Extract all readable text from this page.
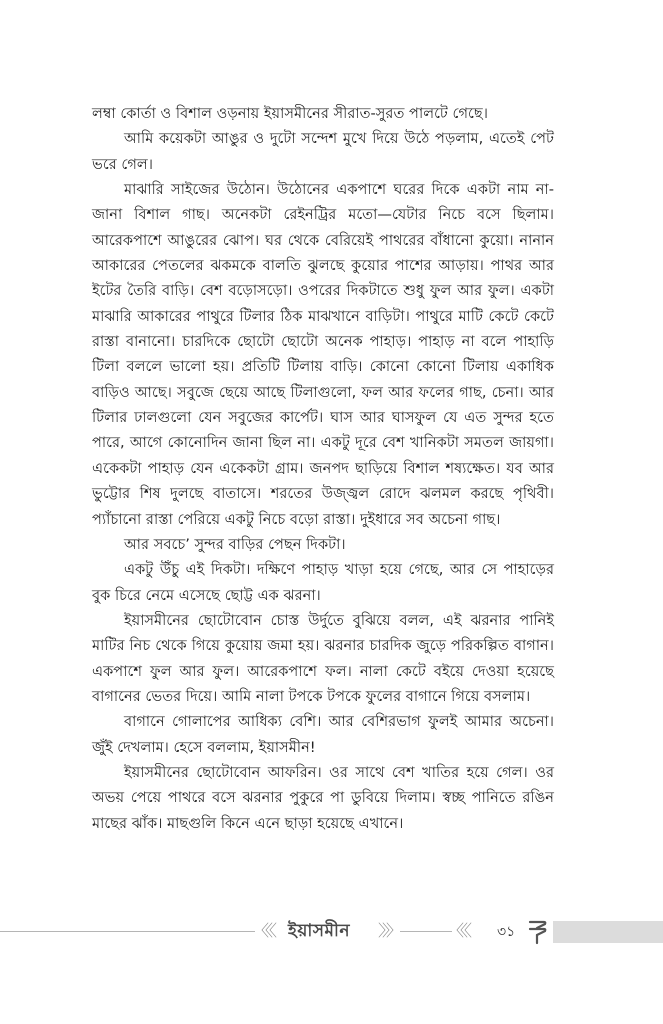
লম্বা কোর্তা ও বিশাল ওড়নায় ইয়াসমীনের সীরাত-সুরত পালটে গেছে।

আমি কয়েকটা আঙুর ও দুটো সন্দেশ মুখে দিয়ে উঠে পড়লাম, এতেই পেট ভরে গেল।

মাঝারি সাইজের উঠোন। উঠোনের একপাশে ঘরের দিকে একটা নাম না-জানা বিশাল গাছ। অনেকটা রেইনট্রির মতো—যেটার নিচে বসে ছিলাম। আরেকপাশে আঙুরের ঝোপ। ঘর থেকে বেরিয়েই পাথরের বাঁধানো কুয়ো। নানান আকারের পেতলের ঝকমকে বালতি ঝুলছে কুয়োর পাশের আড়ায়। পাথর আর ইটের তৈরি বাড়ি। বেশ বড়োসড়ো। ওপরের দিকটাতে শুধু ফুল আর ফুল। একটা মাঝারি আকারের পাথুরে টিলার ঠিক মাঝখানে বাড়িটা। পাথুরে মাটি কেটে কেটে রাস্তা বানানো। চারদিকে ছোটো ছোটো অনেক পাহাড়। পাহাড় না বলে পাহাড়ি টিলা বললে ভালো হয়। প্রতিটি টিলায় বাড়ি। কোনো কোনো টিলায় একাধিক বাড়িও আছে। সবুজে ছেয়ে আছে টিলাগুলো, ফল আর ফলের গাছ, চেনা। আর টিলার ঢালগুলো যেন সবুজের কার্পেট। ঘাস আর ঘাসফুল যে এত সুন্দর হতে পারে, আগে কোনোদিন জানা ছিল না। একটু দূরে বেশ খানিকটা সমতল জায়গা। একেকটা পাহাড় যেন একেকটা গ্রাম। জনপদ ছাড়িয়ে বিশাল শষ্যক্ষেত। যব আর ভুট্টোর শিষ দুলছে বাতাসে। শরতের উজ্জ্বল রোদে ঝলমল করছে পৃথিবী। প্যাঁচানো রাস্তা পেরিয়ে একটু নিচে বড়ো রাস্তা। দুইধারে সব অচেনা গাছ।

আর সবচে’ সুন্দর বাড়ির পেছন দিকটা।

একটু উঁচু এই দিকটা। দক্ষিণে পাহাড় খাড়া হয়ে গেছে, আর সে পাহাড়ের বুক চিরে নেমে এসেছে ছোট্ট এক ঝরনা।

ইয়াসমীনের ছোটোবোন চোস্ত উর্দুতে বুঝিয়ে বলল, এই ঝরনার পানিই মাটির নিচ থেকে গিয়ে কুয়োয় জমা হয়। ঝরনার চারদিক জুড়ে পরিকল্পিত বাগান। একপাশে ফুল আর ফুল। আরেকপাশে ফল। নালা কেটে বইয়ে দেওয়া হয়েছে বাগানের ভেতর দিয়ে। আমি নালা টপকে টপকে ফুলের বাগানে গিয়ে বসলাম।

বাগানে গোলাপের আধিক্য বেশি। আর বেশিরভাগ ফুলই আমার অচেনা। জুঁই দেখলাম। হেসে বললাম, ইয়াসমীন!

ইয়াসমীনের ছোটোবোন আফরিন। ওর সাথে বেশ খাতির হয়ে গেল। ওর অভয় পেয়ে পাথরে বসে ঝরনার পুকুরে পা ডুবিয়ে দিলাম। স্বচ্ছ পানিতে রঙিন মাছের ঝাঁক। মাছগুলি কিনে এনে ছাড়া হয়েছে এখানে।

〈〈〈 ইয়াসমীন 〉〉〉	〈〈〈 ৩১
